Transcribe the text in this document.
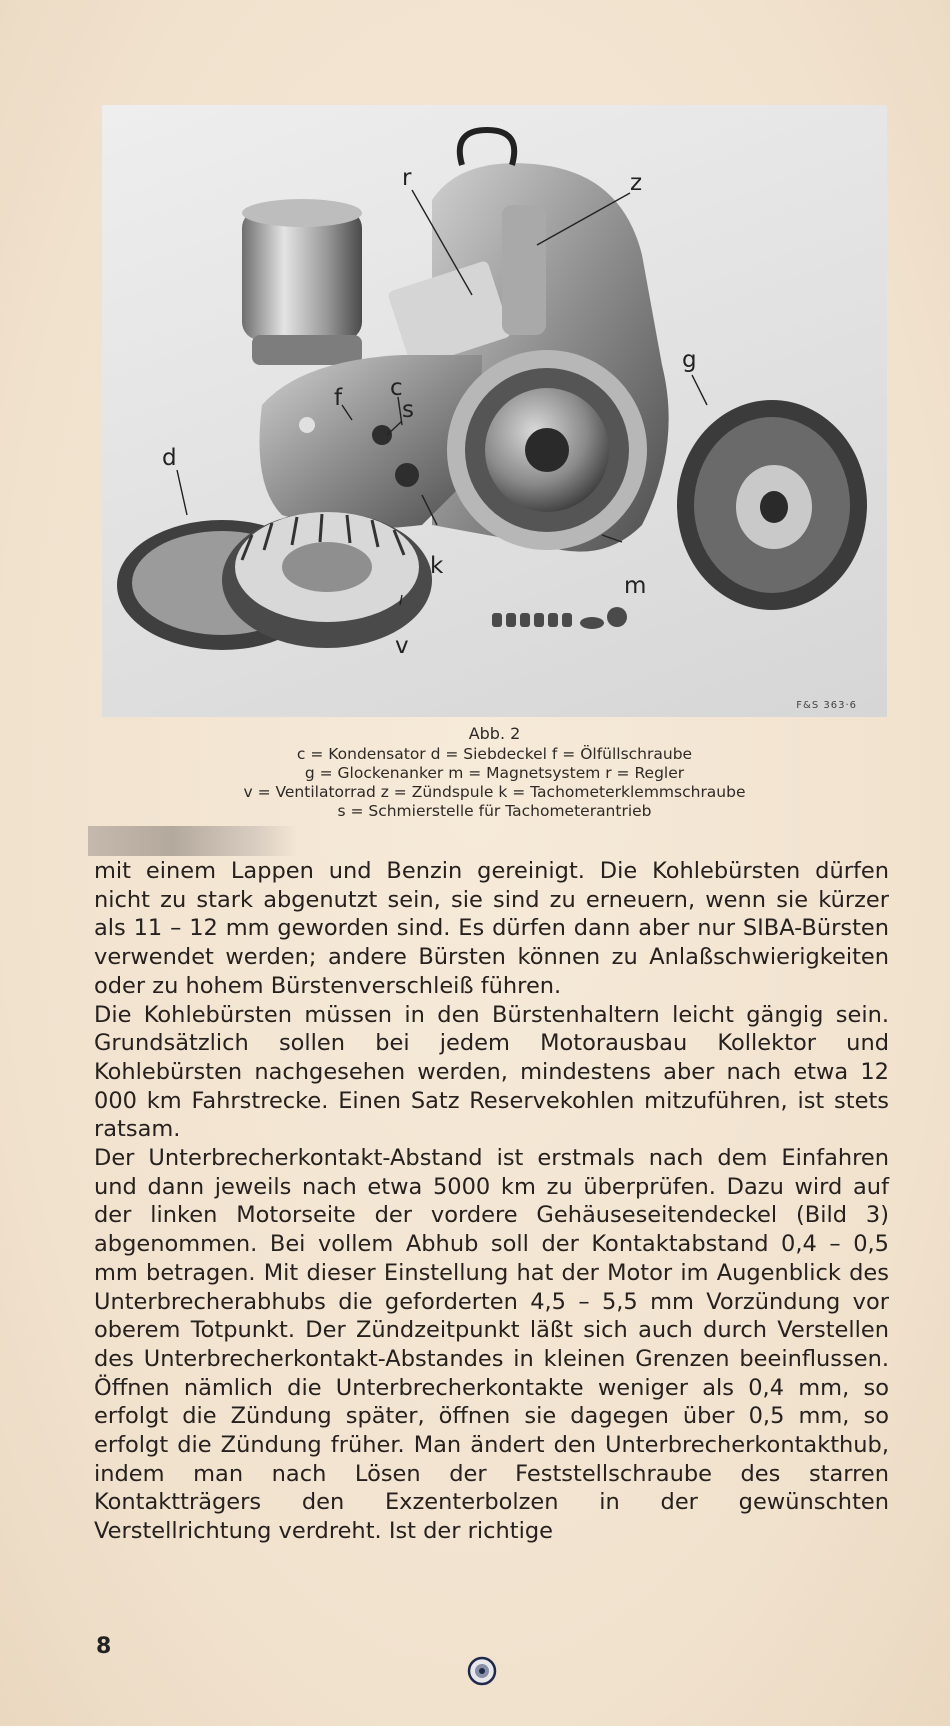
r	z
g
c
f	s
d
k
m
v
F&S 363·6
Abb. 2
c = Kondensator d = Siebdeckel f = Ölfüllschraube
g = Glockenanker m = Magnetsystem r = Regler
v = Ventilatorrad z = Zündspule k = Tachometerklemmschraube
s = Schmierstelle für Tachometerantrieb

mit einem Lappen und Benzin gereinigt. Die Kohlebürsten dürfen nicht zu stark abgenutzt sein, sie sind zu erneuern, wenn sie kürzer als 11 – 12 mm geworden sind. Es dürfen dann aber nur SIBA-Bürsten verwendet werden; andere Bürsten können zu Anlaßschwierigkeiten oder zu hohem Bürstenverschleiß führen.

Die Kohlebürsten müssen in den Bürstenhaltern leicht gängig sein. Grundsätzlich sollen bei jedem Motorausbau Kollektor und Kohlebürsten nachgesehen werden, mindestens aber nach etwa 12 000 km Fahrstrecke. Einen Satz Reservekohlen mitzuführen, ist stets ratsam.

Der Unterbrecherkontakt-Abstand ist erstmals nach dem Einfahren und dann jeweils nach etwa 5000 km zu überprüfen. Dazu wird auf der linken Motorseite der vordere Gehäuseseitendeckel (Bild 3) abgenommen. Bei vollem Abhub soll der Kontaktabstand 0,4 – 0,5 mm betragen. Mit dieser Einstellung hat der Motor im Augenblick des Unterbrecherabhubs die geforderten 4,5 – 5,5 mm Vorzündung vor oberem Totpunkt. Der Zündzeitpunkt läßt sich auch durch Verstellen des Unterbrecherkontakt-Abstandes in kleinen Grenzen beeinflussen. Öffnen nämlich die Unterbrecherkontakte weniger als 0,4 mm, so erfolgt die Zündung später, öffnen sie dagegen über 0,5 mm, so erfolgt die Zündung früher. Man ändert den Unterbrecherkontakthub, indem man nach Lösen der Feststellschraube des starren Kontaktträgers den Exzenterbolzen in der gewünschten Verstellrichtung verdreht. Ist der richtige

8
